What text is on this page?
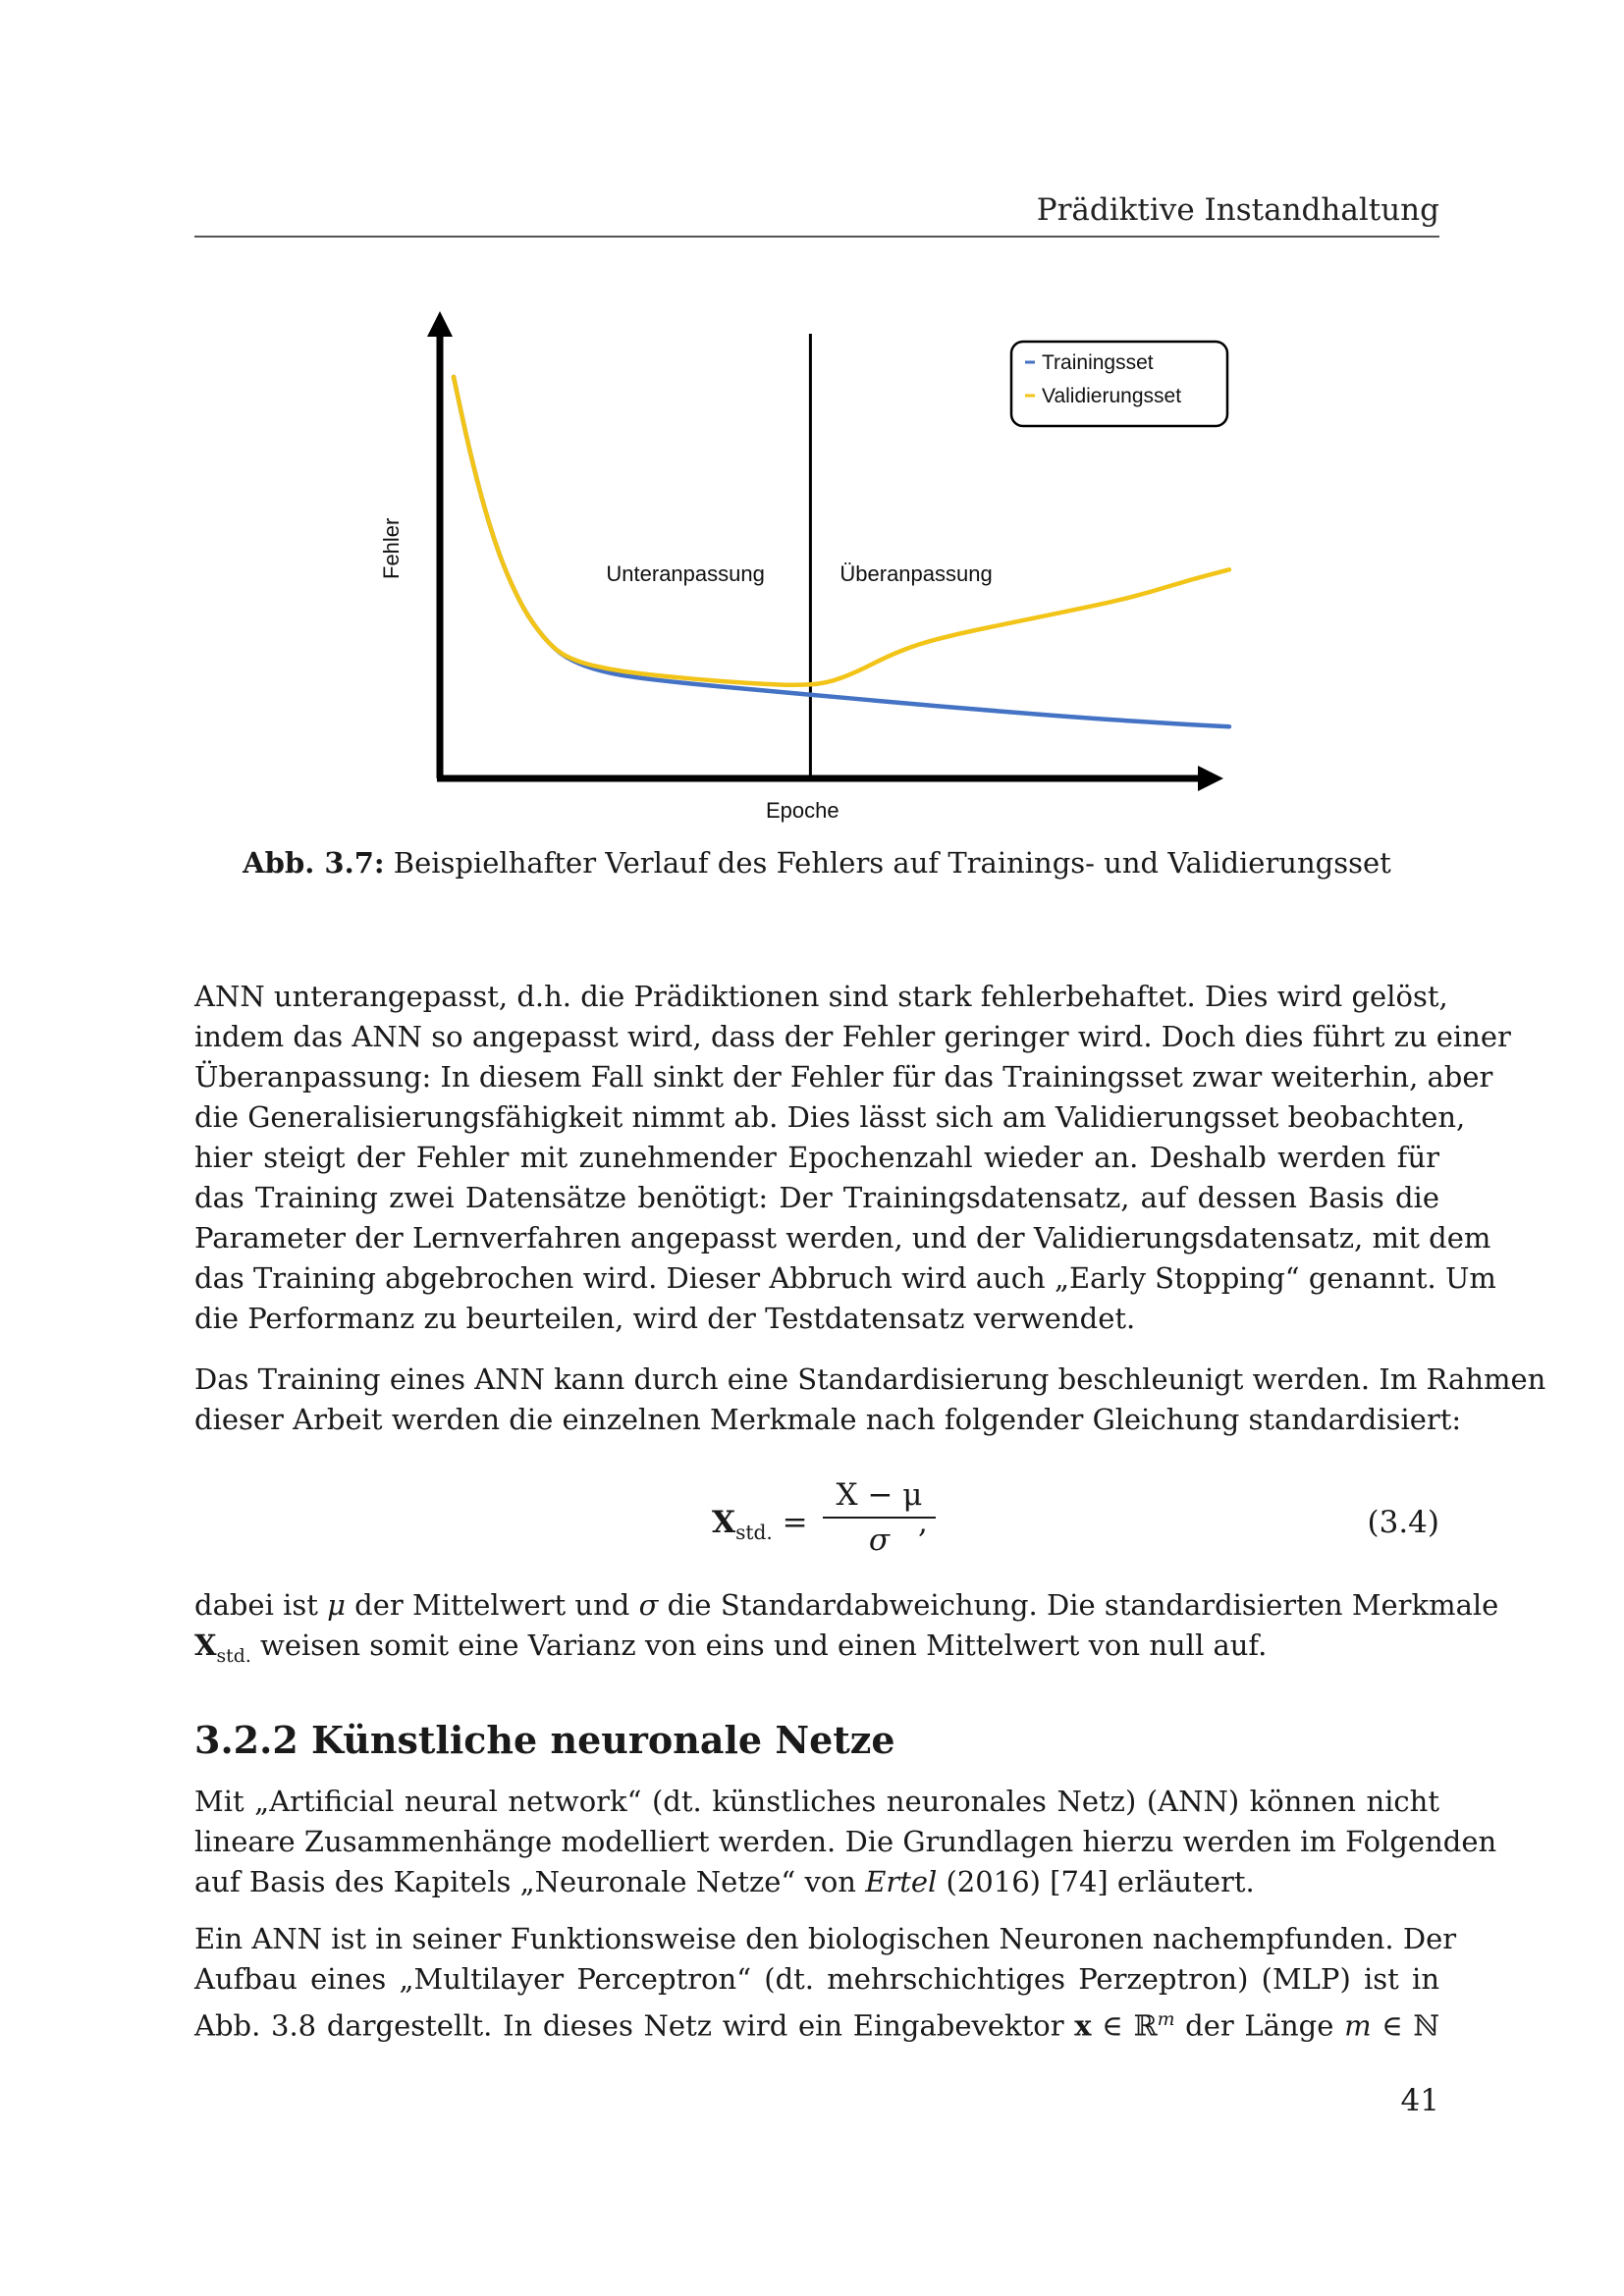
Prädiktive Instandhaltung
Unteranpassung	Überanpassung
Epoche
Fehler
Trainingsset
Validierungsset
Abb. 3.7: Beispielhafter Verlauf des Fehlers auf Trainings- und Validierungsset
ANN unterangepasst, d.h. die Prädiktionen sind stark fehlerbehaftet. Dies wird gelöst,
indem das ANN so angepasst wird, dass der Fehler geringer wird. Doch dies führt zu einer
Überanpassung: In diesem Fall sinkt der Fehler für das Trainingsset zwar weiterhin, aber
die Generalisierungsfähigkeit nimmt ab. Dies lässt sich am Validierungsset beobachten,
hier steigt der Fehler mit zunehmender Epochenzahl wieder an. Deshalb werden für
das Training zwei Datensätze benötigt: Der Trainingsdatensatz, auf dessen Basis die
Parameter der Lernverfahren angepasst werden, und der Validierungsdatensatz, mit dem
das Training abgebrochen wird. Dieser Abbruch wird auch „Early Stopping“ genannt. Um
die Performanz zu beurteilen, wird der Testdatensatz verwendet.
Das Training eines ANN kann durch eine Standardisierung beschleunigt werden. Im Rahmen
dieser Arbeit werden die einzelnen Merkmale nach folgender Gleichung standardisiert:
$X_{std.} = \frac{X - \mu}{\sigma}$
,	(3.4)
dabei ist μ der Mittelwert und σ die Standardabweichung. Die standardisierten Merkmale
$X_{std.}$ weisen somit eine Varianz von eins und einen Mittelwert von null auf.
3.2.2 Künstliche neuronale Netze
Mit „Artificial neural network“ (dt. künstliches neuronales Netz) (ANN) können nicht
lineare Zusammenhänge modelliert werden. Die Grundlagen hierzu werden im Folgenden
auf Basis des Kapitels „Neuronale Netze“ von Ertel (2016) [74] erläutert.
Ein ANN ist in seiner Funktionsweise den biologischen Neuronen nachempfunden. Der
Aufbau eines „Multilayer Perceptron“ (dt. mehrschichtiges Perzeptron) (MLP) ist in
Abb. 3.8 dargestellt. In dieses Netz wird ein Eingabevektor x ∈ ℝ$^m$ der Länge m ∈ ℕ
41
